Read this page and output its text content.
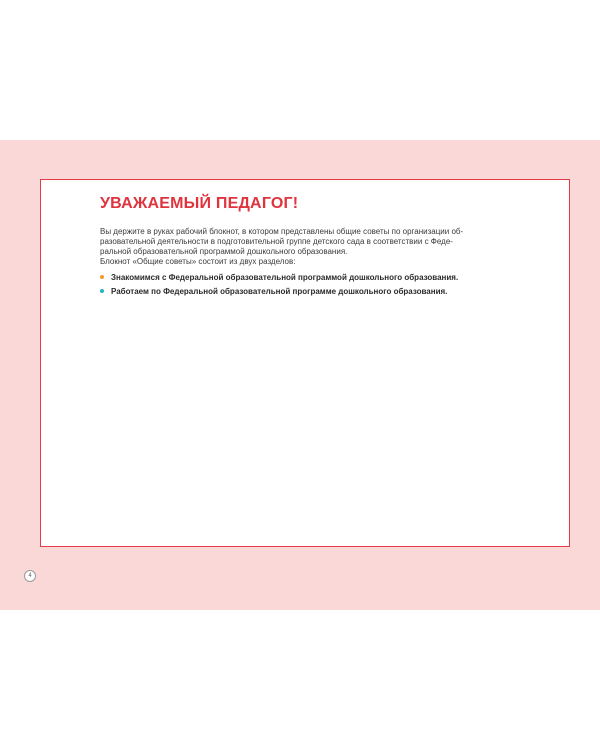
УВАЖАЕМЫЙ ПЕДАГОГ!

Вы держите в руках рабочий блокнот, в котором представлены общие советы по организации об-
разовательной деятельности в подготовительной группе детского сада в соответствии с Феде-
ральной образовательной программой дошкольного образования.
Блокнот «Общие советы» состоит из двух разделов:

Знакомимся с Федеральной образовательной программой дошкольного образования.
Работаем по Федеральной образовательной программе дошкольного образования.
4
